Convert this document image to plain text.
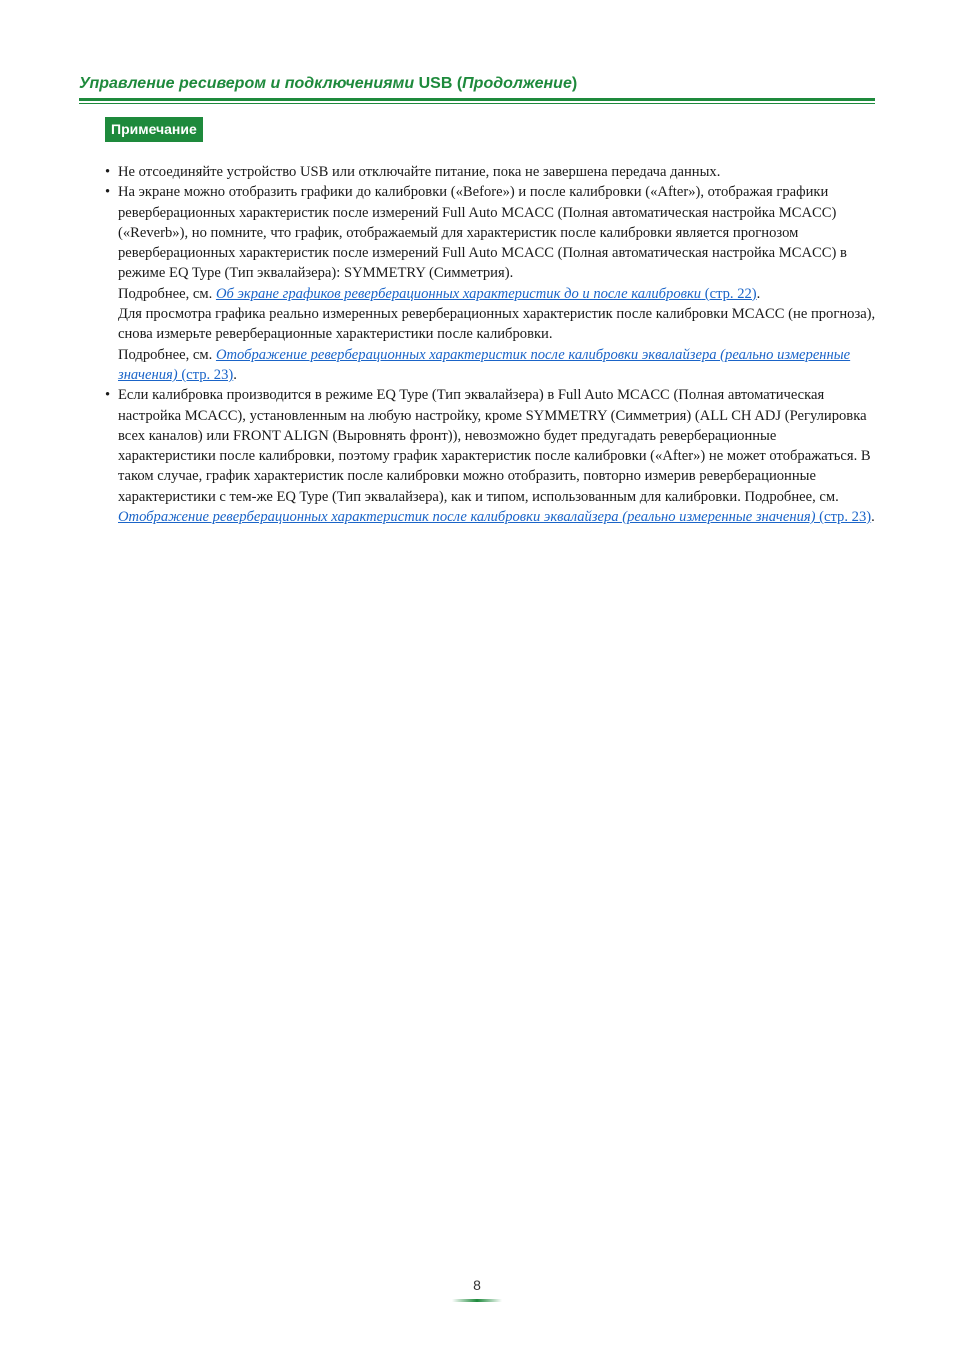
Управление ресивером и подключениями USB (Продолжение)
Примечание
• Не отсоединяйте устройство USB или отключайте питание, пока не завершена передача данных.
• На экране можно отобразить графики до калибровки («Before») и после калибровки («After»), отображая графики реверберационных характеристик после измерений Full Auto MCACC (Полная автоматическая настройка MCACC) («Reverb»), но помните, что график, отображаемый для характеристик после калибровки является прогнозом реверберационных характеристик после измерений Full Auto MCACC (Полная автоматическая настройка MCACC) в режиме EQ Type (Тип эквалайзера): SYMMETRY (Симметрия).
Подробнее, см. Об экране графиков реверберационных характеристик до и после калибровки (стр. 22).
Для просмотра графика реально измеренных реверберационных характеристик после калибровки MCACC (не прогноза), снова измерьте реверберационные характеристики после калибровки.
Подробнее, см. Отображение реверберационных характеристик после калибровки эквалайзера (реально измеренные значения) (стр. 23).
• Если калибровка производится в режиме EQ Type (Тип эквалайзера) в Full Auto MCACC (Полная автоматическая настройка MCACC), установленным на любую настройку, кроме SYMMETRY (Симметрия) (ALL CH ADJ (Регулировка всех каналов) или FRONT ALIGN (Выровнять фронт)), невозможно будет предугадать реверберационные характеристики после калибровки, поэтому график характеристик после калибровки («After») не может отображаться. В таком случае, график характеристик после калибровки можно отобразить, повторно измерив реверберационные характеристики с тем-же EQ Type (Тип эквалайзера), как и типом, использованным для калибровки. Подробнее, см. Отображение реверберационных характеристик после калибровки эквалайзера (реально измеренные значения) (стр. 23).
8
